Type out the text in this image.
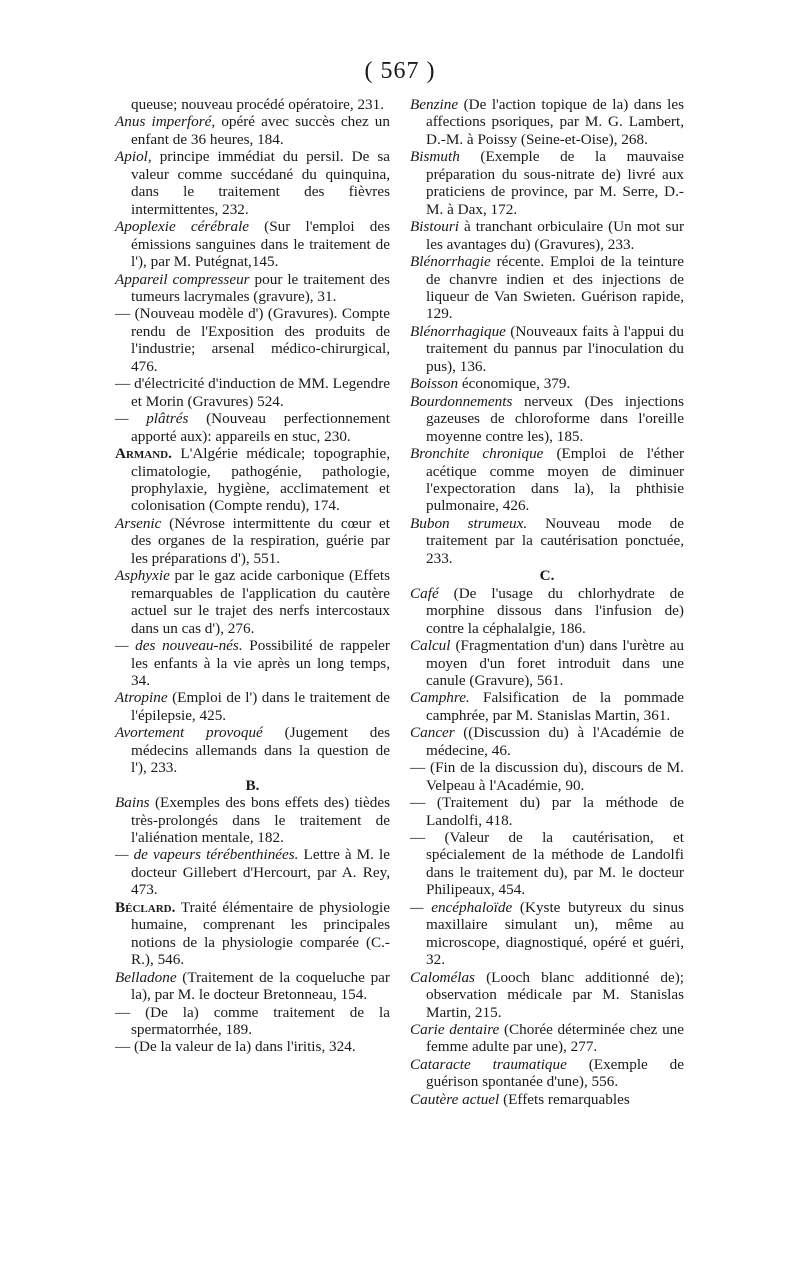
( 567 )

queuse; nouveau procédé opératoire, 231.

Anus imperforé, opéré avec succès chez un enfant de 36 heures, 184.

Apiol, principe immédiat du persil. De sa valeur comme succédané du quinquina, dans le traitement des fièvres intermittentes, 232.

Apoplexie cérébrale (Sur l'emploi des émissions sanguines dans le traitement de l'), par M. Putégnat,145.

Appareil compresseur pour le traitement des tumeurs lacrymales (gravure), 31.

— (Nouveau modèle d') (Gravures). Compte rendu de l'Exposition des produits de l'industrie; arsenal médico-chirurgical, 476.

— d'électricité d'induction de MM. Legendre et Morin (Gravures) 524.

— plâtrés (Nouveau perfectionnement apporté aux): appareils en stuc, 230.

Armand. L'Algérie médicale; topographie, climatologie, pathogénie, pathologie, prophylaxie, hygiène, acclimatement et colonisation (Compte rendu), 174.

Arsenic (Névrose intermittente du cœur et des organes de la respiration, guérie par les préparations d'), 551.

Asphyxie par le gaz acide carbonique (Effets remarquables de l'application du cautère actuel sur le trajet des nerfs intercostaux dans un cas d'), 276.

— des nouveau-nés. Possibilité de rappeler les enfants à la vie après un long temps, 34.

Atropine (Emploi de l') dans le traitement de l'épilepsie, 425.

Avortement provoqué (Jugement des médecins allemands dans la question de l'), 233.

B.

Bains (Exemples des bons effets des) tièdes très-prolongés dans le traitement de l'aliénation mentale, 182.

— de vapeurs térébenthinées. Lettre à M. le docteur Gillebert d'Hercourt, par A. Rey, 473.

Béclard. Traité élémentaire de physiologie humaine, comprenant les principales notions de la physiologie comparée (C.-R.), 546.

Belladone (Traitement de la coqueluche par la), par M. le docteur Bretonneau, 154.

— (De la) comme traitement de la spermatorrhée, 189.

— (De la valeur de la) dans l'iritis, 324.

Benzine (De l'action topique de la) dans les affections psoriques, par M. G. Lambert, D.-M. à Poissy (Seine-et-Oise), 268.

Bismuth (Exemple de la mauvaise préparation du sous-nitrate de) livré aux praticiens de province, par M. Serre, D.-M. à Dax, 172.

Bistouri à tranchant orbiculaire (Un mot sur les avantages du) (Gravures), 233.

Blénorrhagie récente. Emploi de la teinture de chanvre indien et des injections de liqueur de Van Swieten. Guérison rapide, 129.

Blénorrhagique (Nouveaux faits à l'appui du traitement du pannus par l'inoculation du pus), 136.

Boisson économique, 379.

Bourdonnements nerveux (Des injections gazeuses de chloroforme dans l'oreille moyenne contre les), 185.

Bronchite chronique (Emploi de l'éther acétique comme moyen de diminuer l'expectoration dans la), la phthisie pulmonaire, 426.

Bubon strumeux. Nouveau mode de traitement par la cautérisation ponctuée, 233.

C.

Café (De l'usage du chlorhydrate de morphine dissous dans l'infusion de) contre la céphalalgie, 186.

Calcul (Fragmentation d'un) dans l'urètre au moyen d'un foret introduit dans une canule (Gravure), 561.

Camphre. Falsification de la pommade camphrée, par M. Stanislas Martin, 361.

Cancer ((Discussion du) à l'Académie de médecine, 46.

— (Fin de la discussion du), discours de M. Velpeau à l'Académie, 90.

— (Traitement du) par la méthode de Landolfi, 418.

— (Valeur de la cautérisation, et spécialement de la méthode de Landolfi dans le traitement du), par M. le docteur Philipeaux, 454.

— encéphaloïde (Kyste butyreux du sinus maxillaire simulant un), même au microscope, diagnostiqué, opéré et guéri, 32.

Calomélas (Looch blanc additionné de); observation médicale par M. Stanislas Martin, 215.

Carie dentaire (Chorée déterminée chez une femme adulte par une), 277.

Cataracte traumatique (Exemple de guérison spontanée d'une), 556.

Cautère actuel (Effets remarquables
